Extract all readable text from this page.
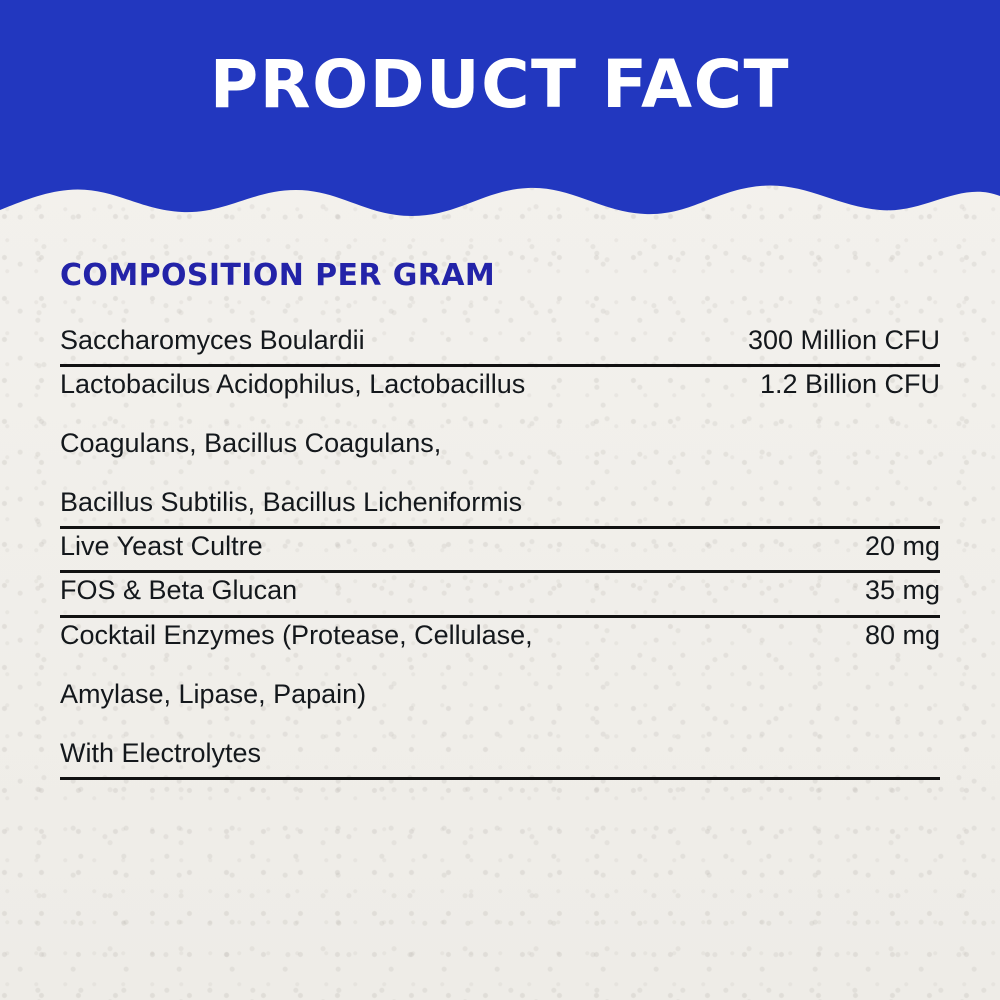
PRODUCT FACT
COMPOSITION PER GRAM
Saccharomyces Boulardii	300 Million CFU
Lactobacilus Acidophilus, Lactobacillus	1.2 Billion CFU
Coagulans, Bacillus Coagulans,
Bacillus Subtilis, Bacillus Licheniformis
Live Yeast Cultre	20 mg
FOS & Beta Glucan	35 mg
Cocktail Enzymes (Protease, Cellulase,	80 mg
Amylase, Lipase, Papain)
With Electrolytes
